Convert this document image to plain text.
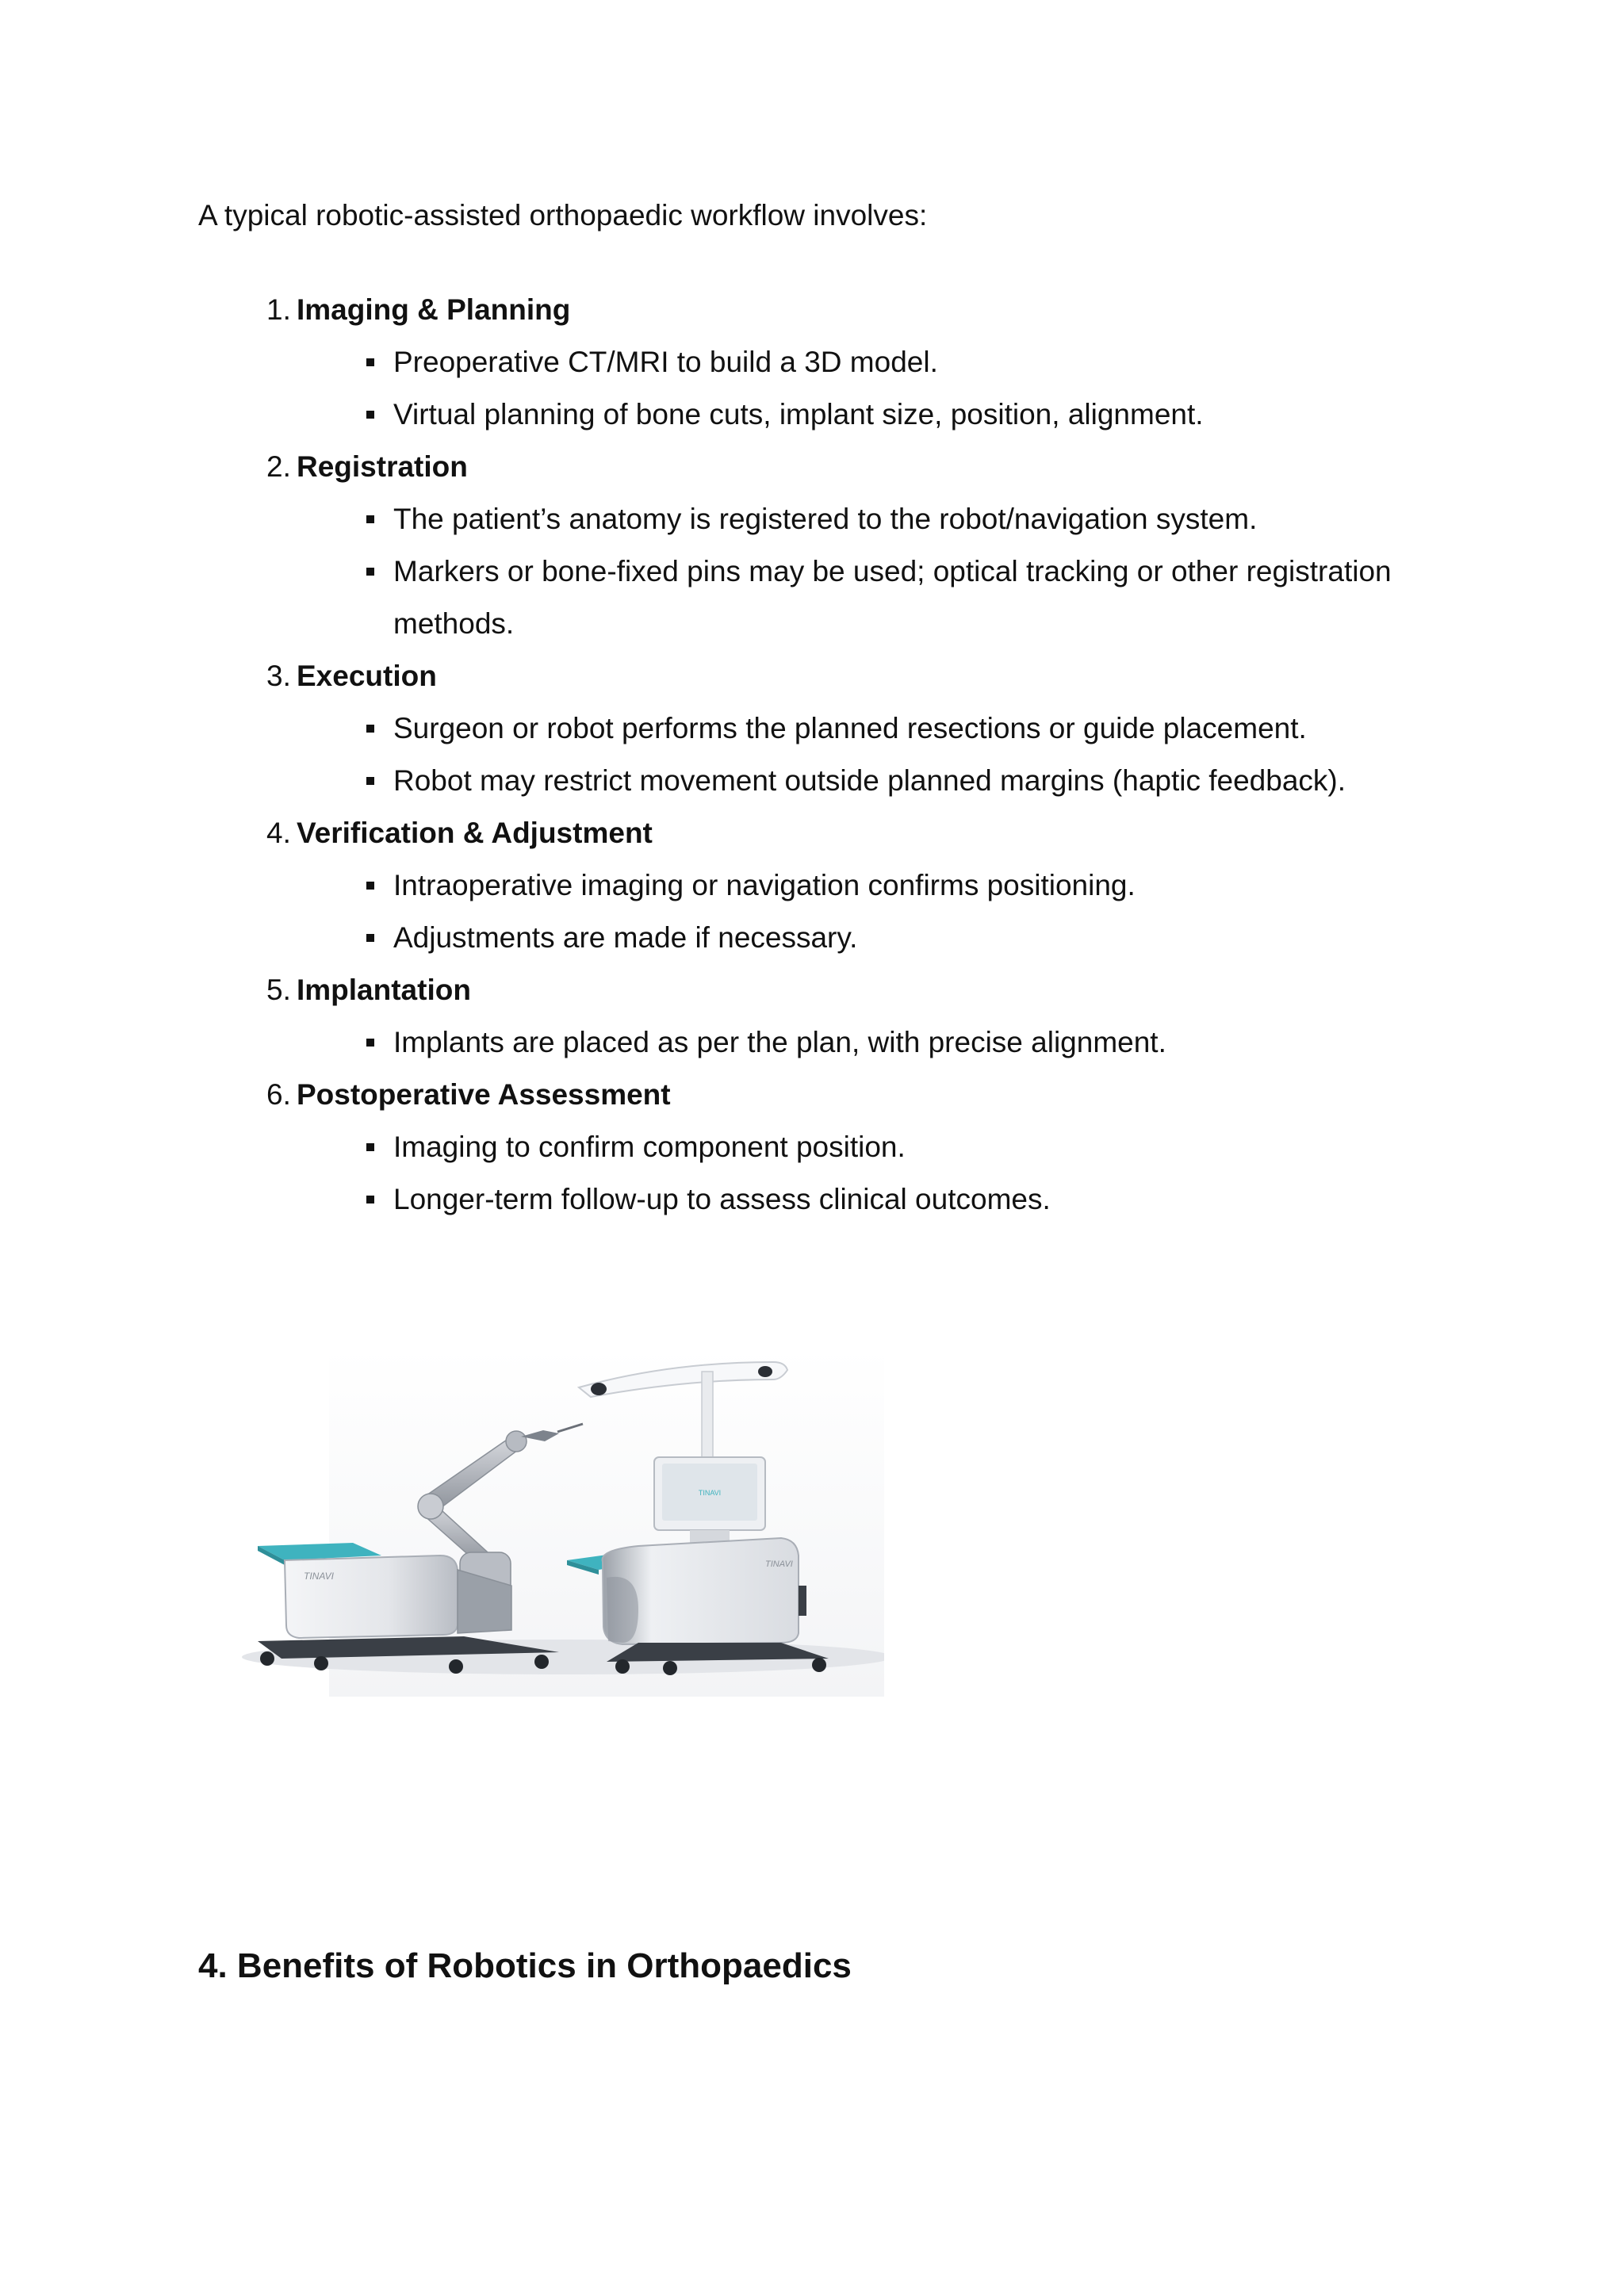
A typical robotic-assisted orthopaedic workflow involves:

1. Imaging & Planning
Preoperative CT/MRI to build a 3D model.
Virtual planning of bone cuts, implant size, position, alignment.
2. Registration
The patient’s anatomy is registered to the robot/navigation system.
Markers or bone-fixed pins may be used; optical tracking or other registration methods.
3. Execution
Surgeon or robot performs the planned resections or guide placement.
Robot may restrict movement outside planned margins (haptic feedback).
4. Verification & Adjustment
Intraoperative imaging or navigation confirms positioning.
Adjustments are made if necessary.
5. Implantation
Implants are placed as per the plan, with precise alignment.
6. Postoperative Assessment
Imaging to confirm component position.
Longer-term follow-up to assess clinical outcomes.
TINAVI
TINAVI
TINAVI
4. Benefits of Robotics in Orthopaedics
